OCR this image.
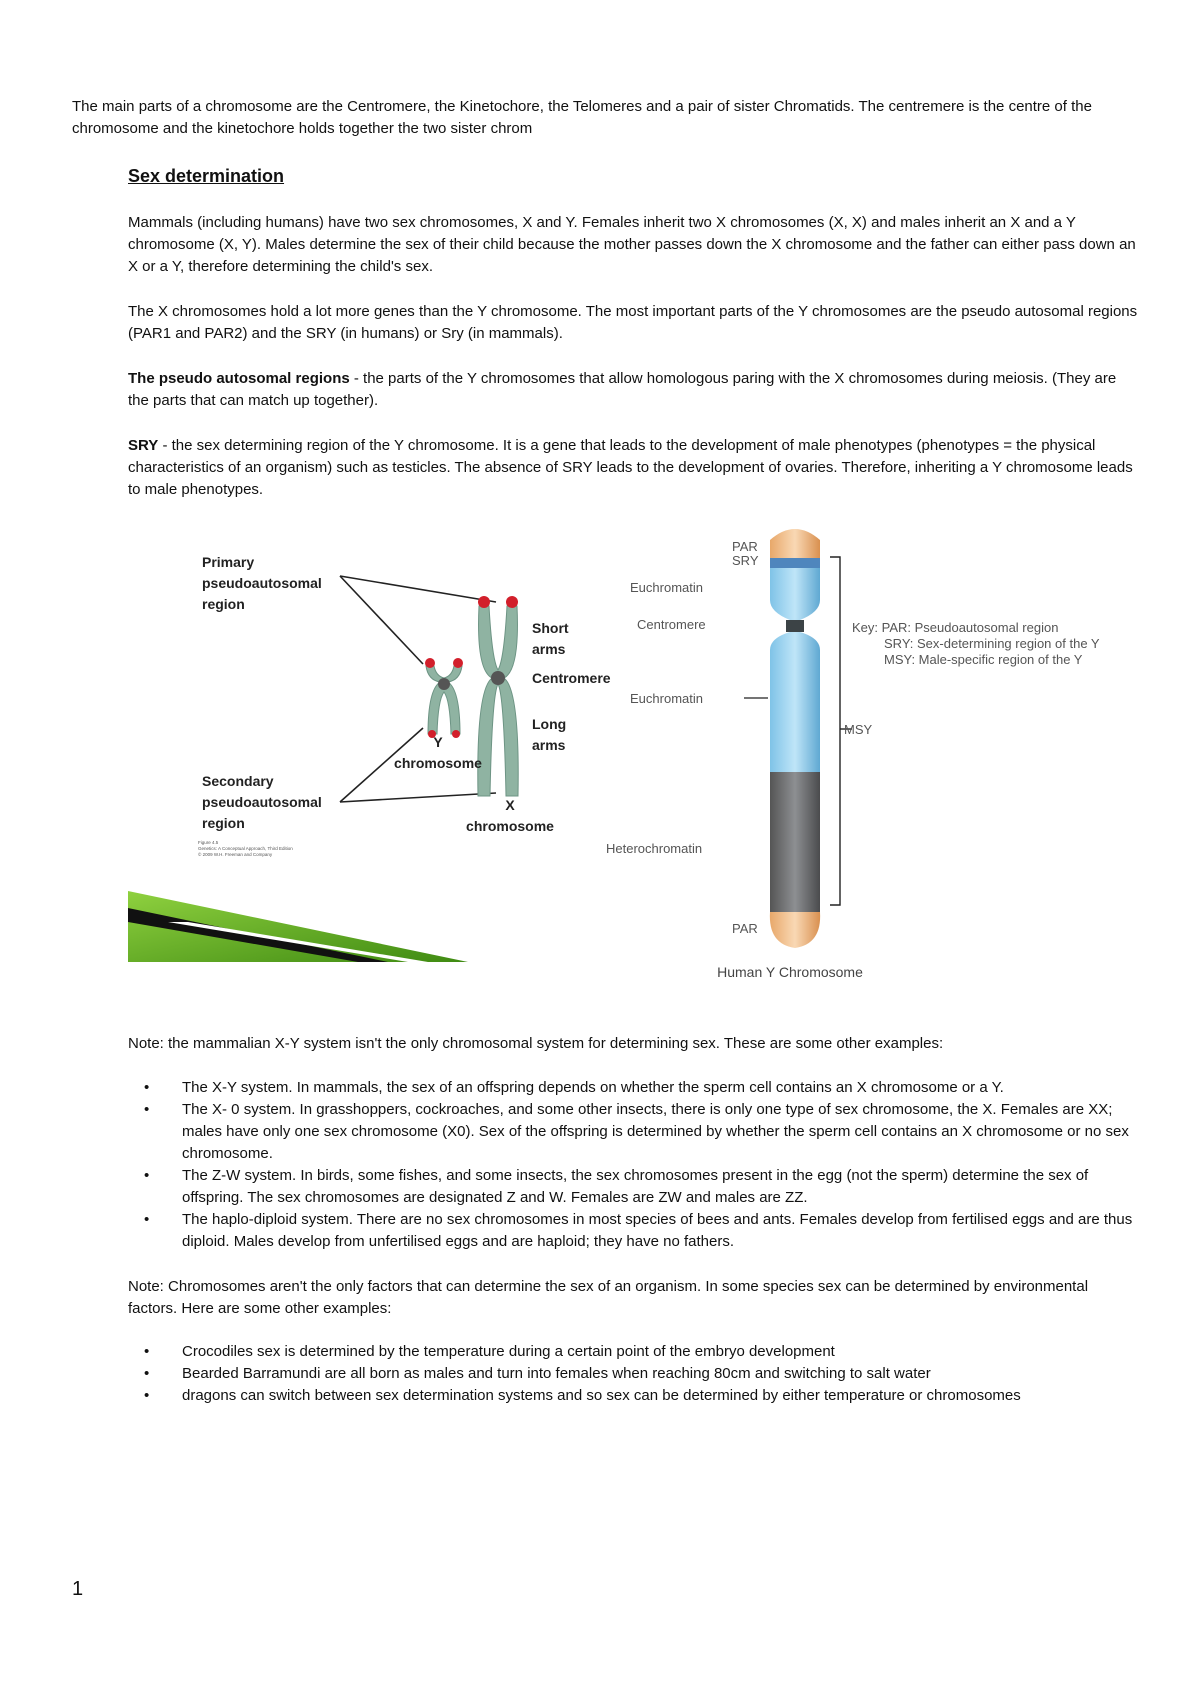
The main parts of a chromosome are the Centromere, the Kinetochore, the Telomeres and a pair of sister Chromatids. The centremere is the centre of the chromosome and the kinetochore holds together the two sister chrom

Sex determination

Mammals (including humans) have two sex chromosomes, X and Y. Females inherit two X chromosomes (X, X) and males inherit an X and a Y chromosome (X, Y). Males determine the sex of their child because the mother passes down the X chromosome and the father can either pass down an X or a Y, therefore determining the child's sex.

The X chromosomes hold a lot more genes than the Y chromosome. The most important parts of the Y chromosomes are the pseudo autosomal regions (PAR1 and PAR2) and the SRY (in humans) or Sry (in mammals).

The pseudo autosomal regions - the parts of the Y chromosomes that allow homologous paring with the X chromosomes during meiosis. (They are the parts that can match up together).

SRY - the sex determining region of the Y chromosome. It is a gene that leads to the development of male phenotypes (phenotypes = the physical characteristics of an organism) such as testicles. The absence of SRY leads to the development of ovaries. Therefore, inheriting a Y chromosome leads to male phenotypes.

Primary
pseudoautosomal
region
Secondary
pseudoautosomal
region
Short
arms
Centromere
Long
arms
Y
chromosome
X
chromosome
Figure 4.5
Genetics: A Conceptual Approach, Third Edition
© 2009 W.H. Freeman and Company
PAR
SRY
Euchromatin
Centromere
Euchromatin
Heterochromatin
PAR
MSY
Key: PAR: Pseudoautosomal region
SRY: Sex-determining region of the Y
MSY: Male-specific region of the Y
Human Y Chromosome

Note: the mammalian X-Y system isn't the only chromosomal system for determining sex. These are some other examples:

• The X-Y system. In mammals, the sex of an offspring depends on whether the sperm cell contains an X chromosome or a Y.
• The X- 0 system. In grasshoppers, cockroaches, and some other insects, there is only one type of sex chromosome, the X. Females are XX; males have only one sex chromosome (X0). Sex of the offspring is determined by whether the sperm cell contains an X chromosome or no sex chromosome.
• The Z-W system. In birds, some fishes, and some insects, the sex chromosomes present in the egg (not the sperm) determine the sex of offspring. The sex chromosomes are designated Z and W. Females are ZW and males are ZZ.
• The haplo-diploid system. There are no sex chromosomes in most species of bees and ants. Females develop from fertilised eggs and are thus diploid. Males develop from unfertilised eggs and are haploid; they have no fathers.

Note: Chromosomes aren't the only factors that can determine the sex of an organism. In some species sex can be determined by environmental factors. Here are some other examples:

• Crocodiles sex is determined by the temperature during a certain point of the embryo development
• Bearded Barramundi are all born as males and turn into females when reaching 80cm and switching to salt water
• dragons can switch between sex determination systems and so sex can be determined by either temperature or chromosomes
1
